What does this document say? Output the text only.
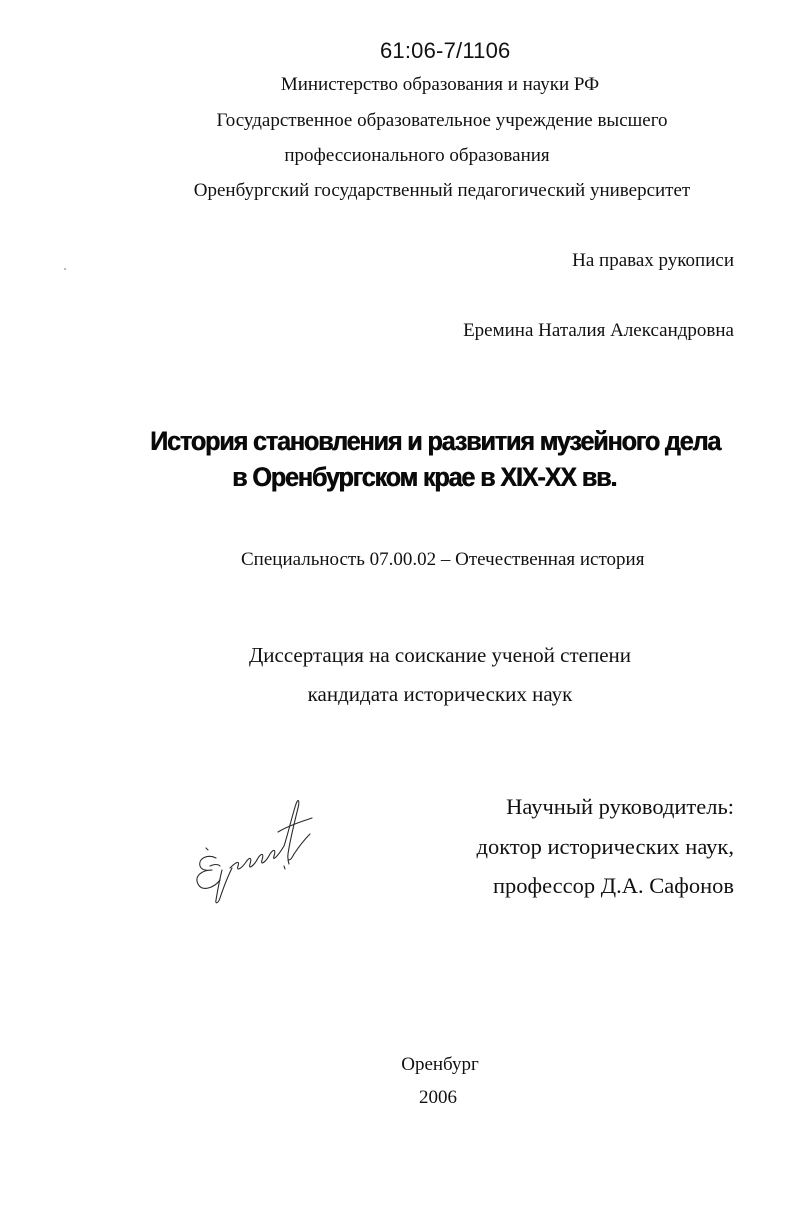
61:06-7/1106
Министерство образования и науки РФ
Государственное образовательное учреждение высшего
профессионального образования
Оренбургский государственный педагогический университет
На правах рукописи
Еремина Наталия Александровна
История становления и развития музейного дела
в Оренбургском крае в XIX-XX вв.
Специальность 07.00.02 – Отечественная история
Диссертация на соискание ученой степени
кандидата исторических наук
Научный руководитель:
доктор исторических наук,
профессор Д.А. Сафонов
Оренбург
2006
